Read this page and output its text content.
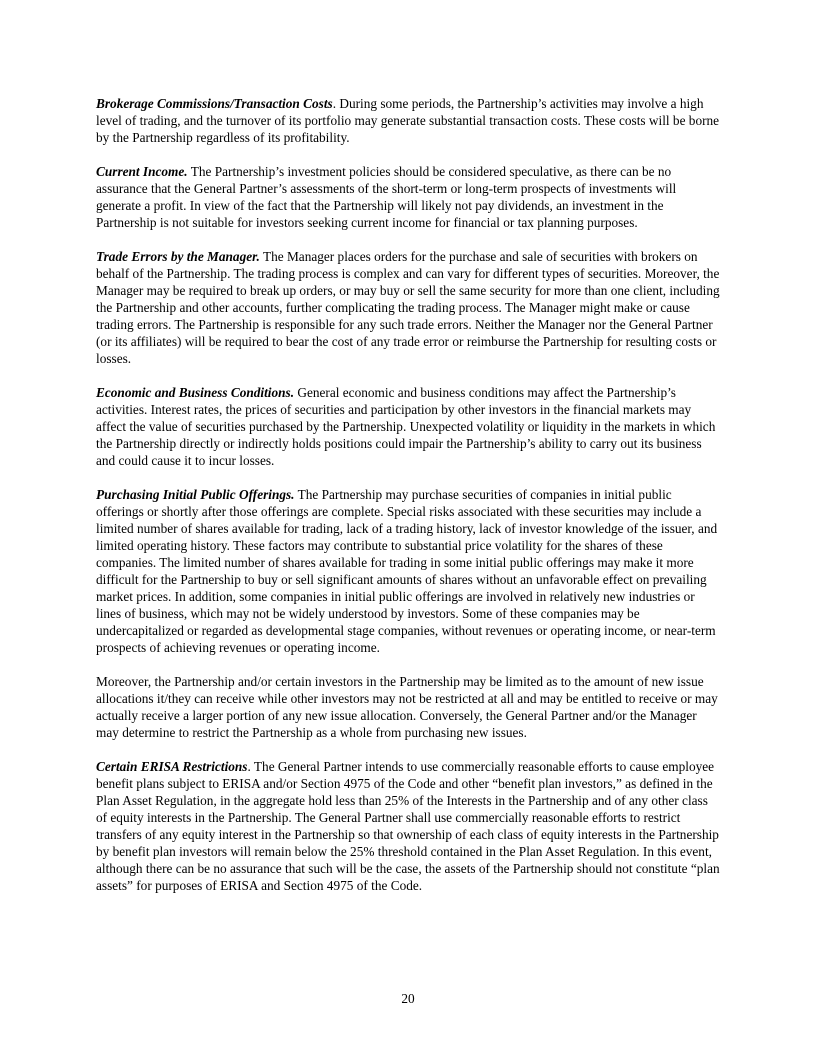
Brokerage Commissions/Transaction Costs. During some periods, the Partnership’s activities may involve a high level of trading, and the turnover of its portfolio may generate substantial transaction costs. These costs will be borne by the Partnership regardless of its profitability.

Current Income. The Partnership’s investment policies should be considered speculative, as there can be no assurance that the General Partner’s assessments of the short-term or long-term prospects of investments will generate a profit. In view of the fact that the Partnership will likely not pay dividends, an investment in the Partnership is not suitable for investors seeking current income for financial or tax planning purposes.

Trade Errors by the Manager. The Manager places orders for the purchase and sale of securities with brokers on behalf of the Partnership. The trading process is complex and can vary for different types of securities. Moreover, the Manager may be required to break up orders, or may buy or sell the same security for more than one client, including the Partnership and other accounts, further complicating the trading process. The Manager might make or cause trading errors. The Partnership is responsible for any such trade errors. Neither the Manager nor the General Partner (or its affiliates) will be required to bear the cost of any trade error or reimburse the Partnership for resulting costs or losses.

Economic and Business Conditions. General economic and business conditions may affect the Partnership’s activities. Interest rates, the prices of securities and participation by other investors in the financial markets may affect the value of securities purchased by the Partnership. Unexpected volatility or liquidity in the markets in which the Partnership directly or indirectly holds positions could impair the Partnership’s ability to carry out its business and could cause it to incur losses.

Purchasing Initial Public Offerings. The Partnership may purchase securities of companies in initial public offerings or shortly after those offerings are complete. Special risks associated with these securities may include a limited number of shares available for trading, lack of a trading history, lack of investor knowledge of the issuer, and limited operating history. These factors may contribute to substantial price volatility for the shares of these companies. The limited number of shares available for trading in some initial public offerings may make it more difficult for the Partnership to buy or sell significant amounts of shares without an unfavorable effect on prevailing market prices. In addition, some companies in initial public offerings are involved in relatively new industries or lines of business, which may not be widely understood by investors. Some of these companies may be undercapitalized or regarded as developmental stage companies, without revenues or operating income, or near-term prospects of achieving revenues or operating income.

Moreover, the Partnership and/or certain investors in the Partnership may be limited as to the amount of new issue allocations it/they can receive while other investors may not be restricted at all and may be entitled to receive or may actually receive a larger portion of any new issue allocation. Conversely, the General Partner and/or the Manager may determine to restrict the Partnership as a whole from purchasing new issues.

Certain ERISA Restrictions. The General Partner intends to use commercially reasonable efforts to cause employee benefit plans subject to ERISA and/or Section 4975 of the Code and other “benefit plan investors,” as defined in the Plan Asset Regulation, in the aggregate hold less than 25% of the Interests in the Partnership and of any other class of equity interests in the Partnership. The General Partner shall use commercially reasonable efforts to restrict transfers of any equity interest in the Partnership so that ownership of each class of equity interests in the Partnership by benefit plan investors will remain below the 25% threshold contained in the Plan Asset Regulation. In this event, although there can be no assurance that such will be the case, the assets of the Partnership should not constitute “plan assets” for purposes of ERISA and Section 4975 of the Code.

20
